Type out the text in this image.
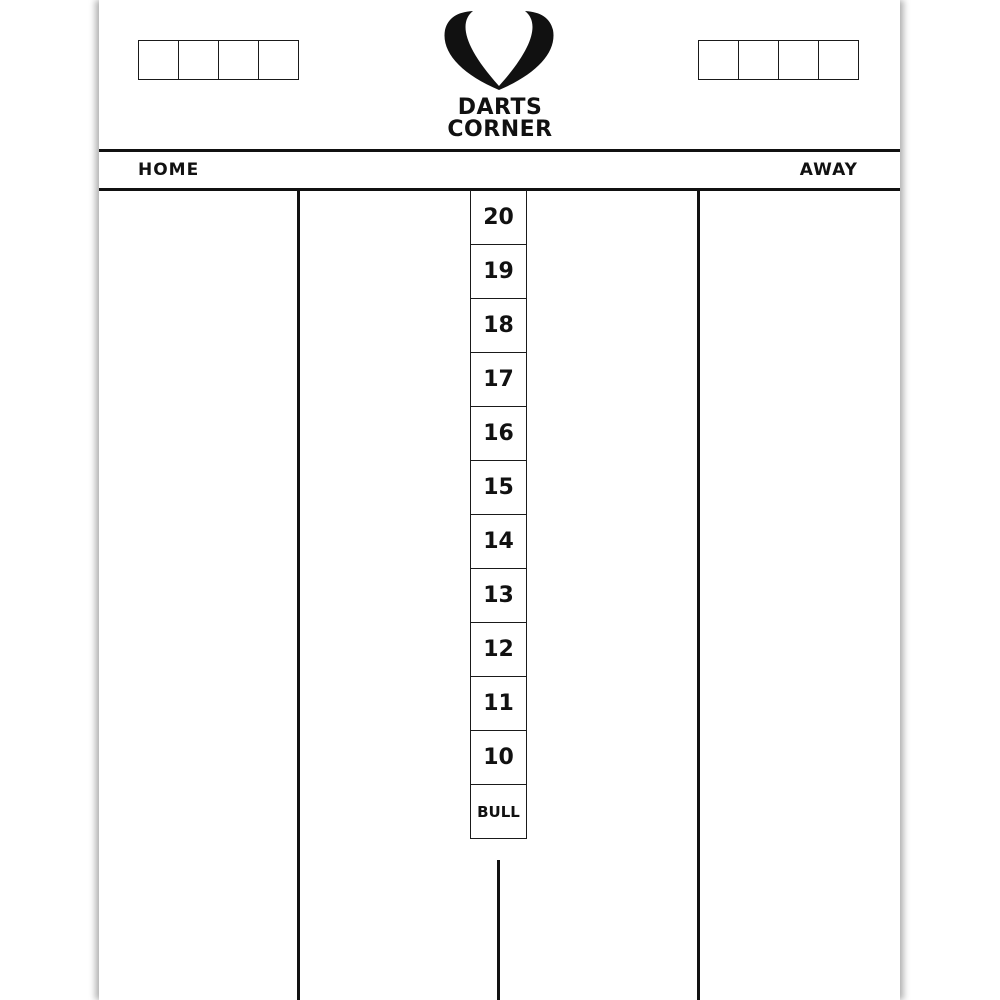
DARTS
CORNER
HOME	AWAY
20
19
18
17
16
15
14
13
12
11
10
BULL
